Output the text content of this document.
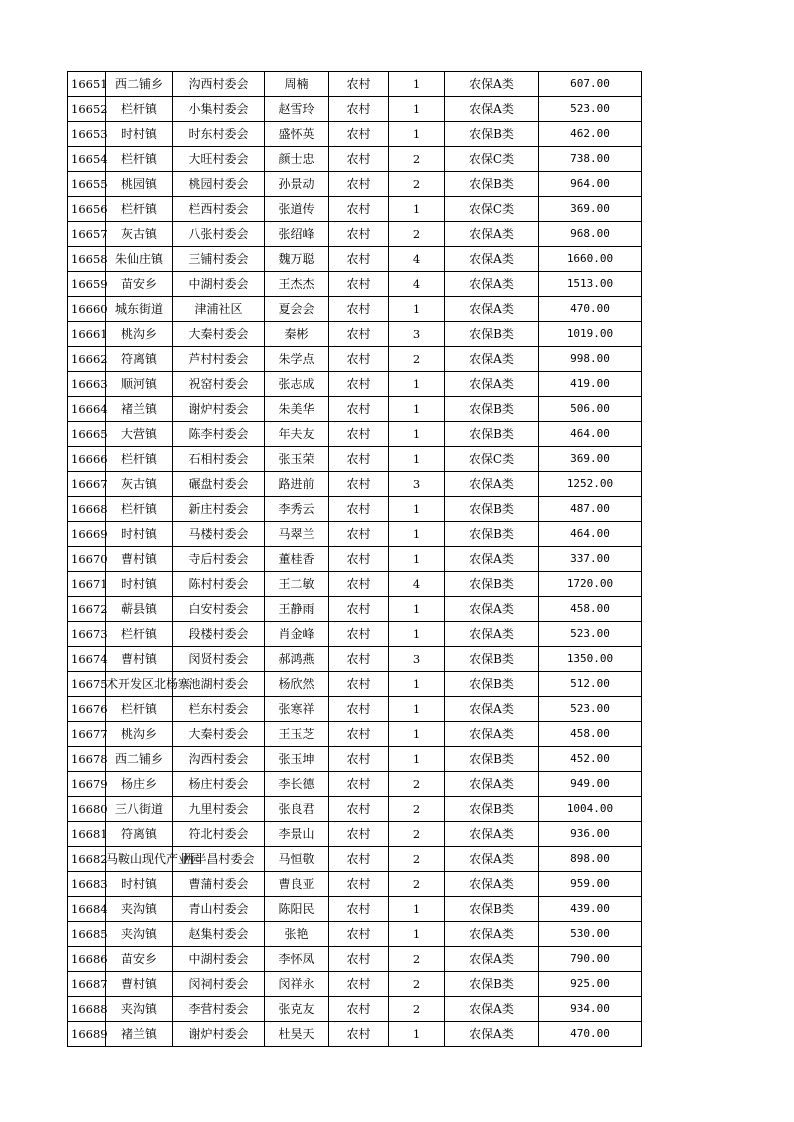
16651	西二铺乡	沟西村委会	周楠	农村	1	农保A类	607.00
16652	栏杆镇	小集村委会	赵雪玲	农村	1	农保A类	523.00
16653	时村镇	时东村委会	盛怀英	农村	1	农保B类	462.00
16654	栏杆镇	大旺村委会	颜士忠	农村	2	农保C类	738.00
16655	桃园镇	桃园村委会	孙景动	农村	2	农保B类	964.00
16656	栏杆镇	栏西村委会	张道传	农村	1	农保C类	369.00
16657	灰古镇	八张村委会	张绍峰	农村	2	农保A类	968.00
16658	朱仙庄镇	三铺村委会	魏万聪	农村	4	农保A类	1660.00
16659	苗安乡	中湖村委会	王杰杰	农村	4	农保A类	1513.00
16660	城东街道	津浦社区	夏会会	农村	1	农保A类	470.00
16661	桃沟乡	大秦村委会	秦彬	农村	3	农保B类	1019.00
16662	符离镇	芦村村委会	朱学点	农村	2	农保A类	998.00
16663	顺河镇	祝窑村委会	张志成	农村	1	农保A类	419.00
16664	褚兰镇	谢炉村委会	朱美华	农村	1	农保B类	506.00
16665	大营镇	陈李村委会	年夫友	农村	1	农保B类	464.00
16666	栏杆镇	石相村委会	张玉荣	农村	1	农保C类	369.00
16667	灰古镇	碾盘村委会	路进前	农村	3	农保A类	1252.00
16668	栏杆镇	新庄村委会	李秀云	农村	1	农保B类	487.00
16669	时村镇	马楼村委会	马翠兰	农村	1	农保B类	464.00
16670	曹村镇	寺后村委会	董桂香	农村	1	农保A类	337.00
16671	时村镇	陈村村委会	王二敏	农村	4	农保B类	1720.00
16672	蕲县镇	白安村委会	王静雨	农村	1	农保A类	458.00
16673	栏杆镇	段楼村委会	肖金峰	农村	1	农保A类	523.00
16674	曹村镇	闵贤村委会	郝鸿燕	农村	3	农保B类	1350.00
16675	术开发区北杨寨	池湖村委会	杨欣然	农村	1	农保B类	512.00
16676	栏杆镇	栏东村委会	张寒祥	农村	1	农保A类	523.00
16677	桃沟乡	大秦村委会	王玉芝	农村	1	农保A类	458.00
16678	西二铺乡	沟西村委会	张玉坤	农村	1	农保B类	452.00
16679	杨庄乡	杨庄村委会	李长德	农村	2	农保A类	949.00
16680	三八街道	九里村委会	张良君	农村	2	农保B类	1004.00
16681	符离镇	符北村委会	李景山	农村	2	农保A类	936.00
16682	马鞍山现代产业园	两半昌村委会	马恒敬	农村	2	农保A类	898.00
16683	时村镇	曹蒲村委会	曹良亚	农村	2	农保A类	959.00
16684	夹沟镇	青山村委会	陈阳民	农村	1	农保B类	439.00
16685	夹沟镇	赵集村委会	张艳	农村	1	农保A类	530.00
16686	苗安乡	中湖村委会	李怀凤	农村	2	农保A类	790.00
16687	曹村镇	闵祠村委会	闵祥永	农村	2	农保B类	925.00
16688	夹沟镇	李营村委会	张克友	农村	2	农保A类	934.00
16689	褚兰镇	谢炉村委会	杜昊天	农村	1	农保A类	470.00
